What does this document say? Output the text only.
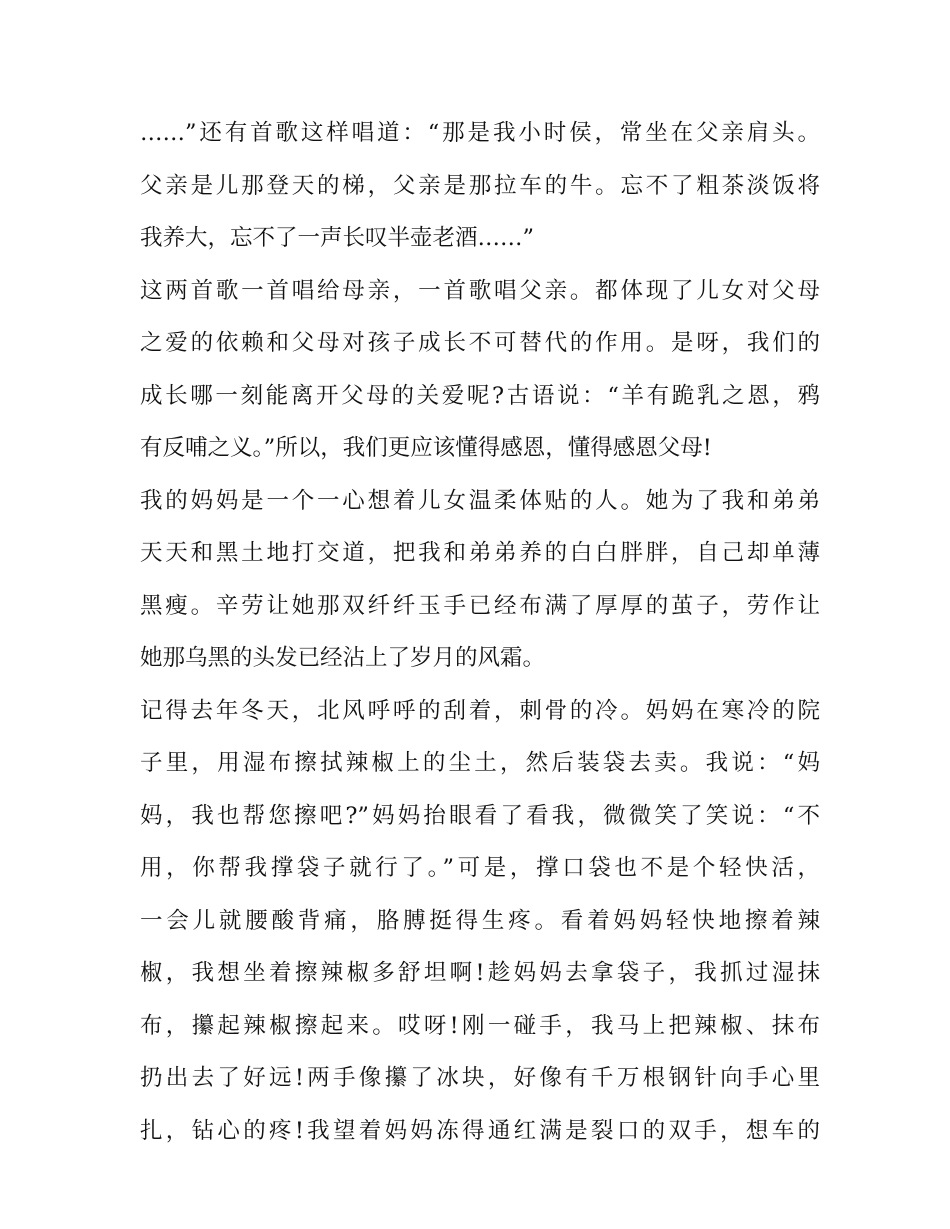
……”还有首歌这样唱道：“那是我小时侯，常坐在父亲肩头。
父亲是儿那登天的梯，父亲是那拉车的牛。忘不了粗茶淡饭将
我养大，忘不了一声长叹半壶老酒……”
这两首歌一首唱给母亲，一首歌唱父亲。都体现了儿女对父母
之爱的依赖和父母对孩子成长不可替代的作用。是呀，我们的
成长哪一刻能离开父母的关爱呢?古语说：“羊有跪乳之恩，鸦
有反哺之义。”所以，我们更应该懂得感恩，懂得感恩父母!
我的妈妈是一个一心想着儿女温柔体贴的人。她为了我和弟弟
天天和黑土地打交道，把我和弟弟养的白白胖胖，自己却单薄
黑瘦。辛劳让她那双纤纤玉手已经布满了厚厚的茧子，劳作让
她那乌黑的头发已经沾上了岁月的风霜。
记得去年冬天，北风呼呼的刮着，刺骨的冷。妈妈在寒冷的院
子里，用湿布擦拭辣椒上的尘土，然后装袋去卖。我说：“妈
妈，我也帮您擦吧?”妈妈抬眼看了看我，微微笑了笑说：“不
用，你帮我撑袋子就行了。”可是，撑口袋也不是个轻快活，
一会儿就腰酸背痛，胳膊挺得生疼。看着妈妈轻快地擦着辣
椒，我想坐着擦辣椒多舒坦啊!趁妈妈去拿袋子，我抓过湿抹
布，攥起辣椒擦起来。哎呀!刚一碰手，我马上把辣椒、抹布
扔出去了好远!两手像攥了冰块，好像有千万根钢针向手心里
扎，钻心的疼!我望着妈妈冻得通红满是裂口的双手，想车的
